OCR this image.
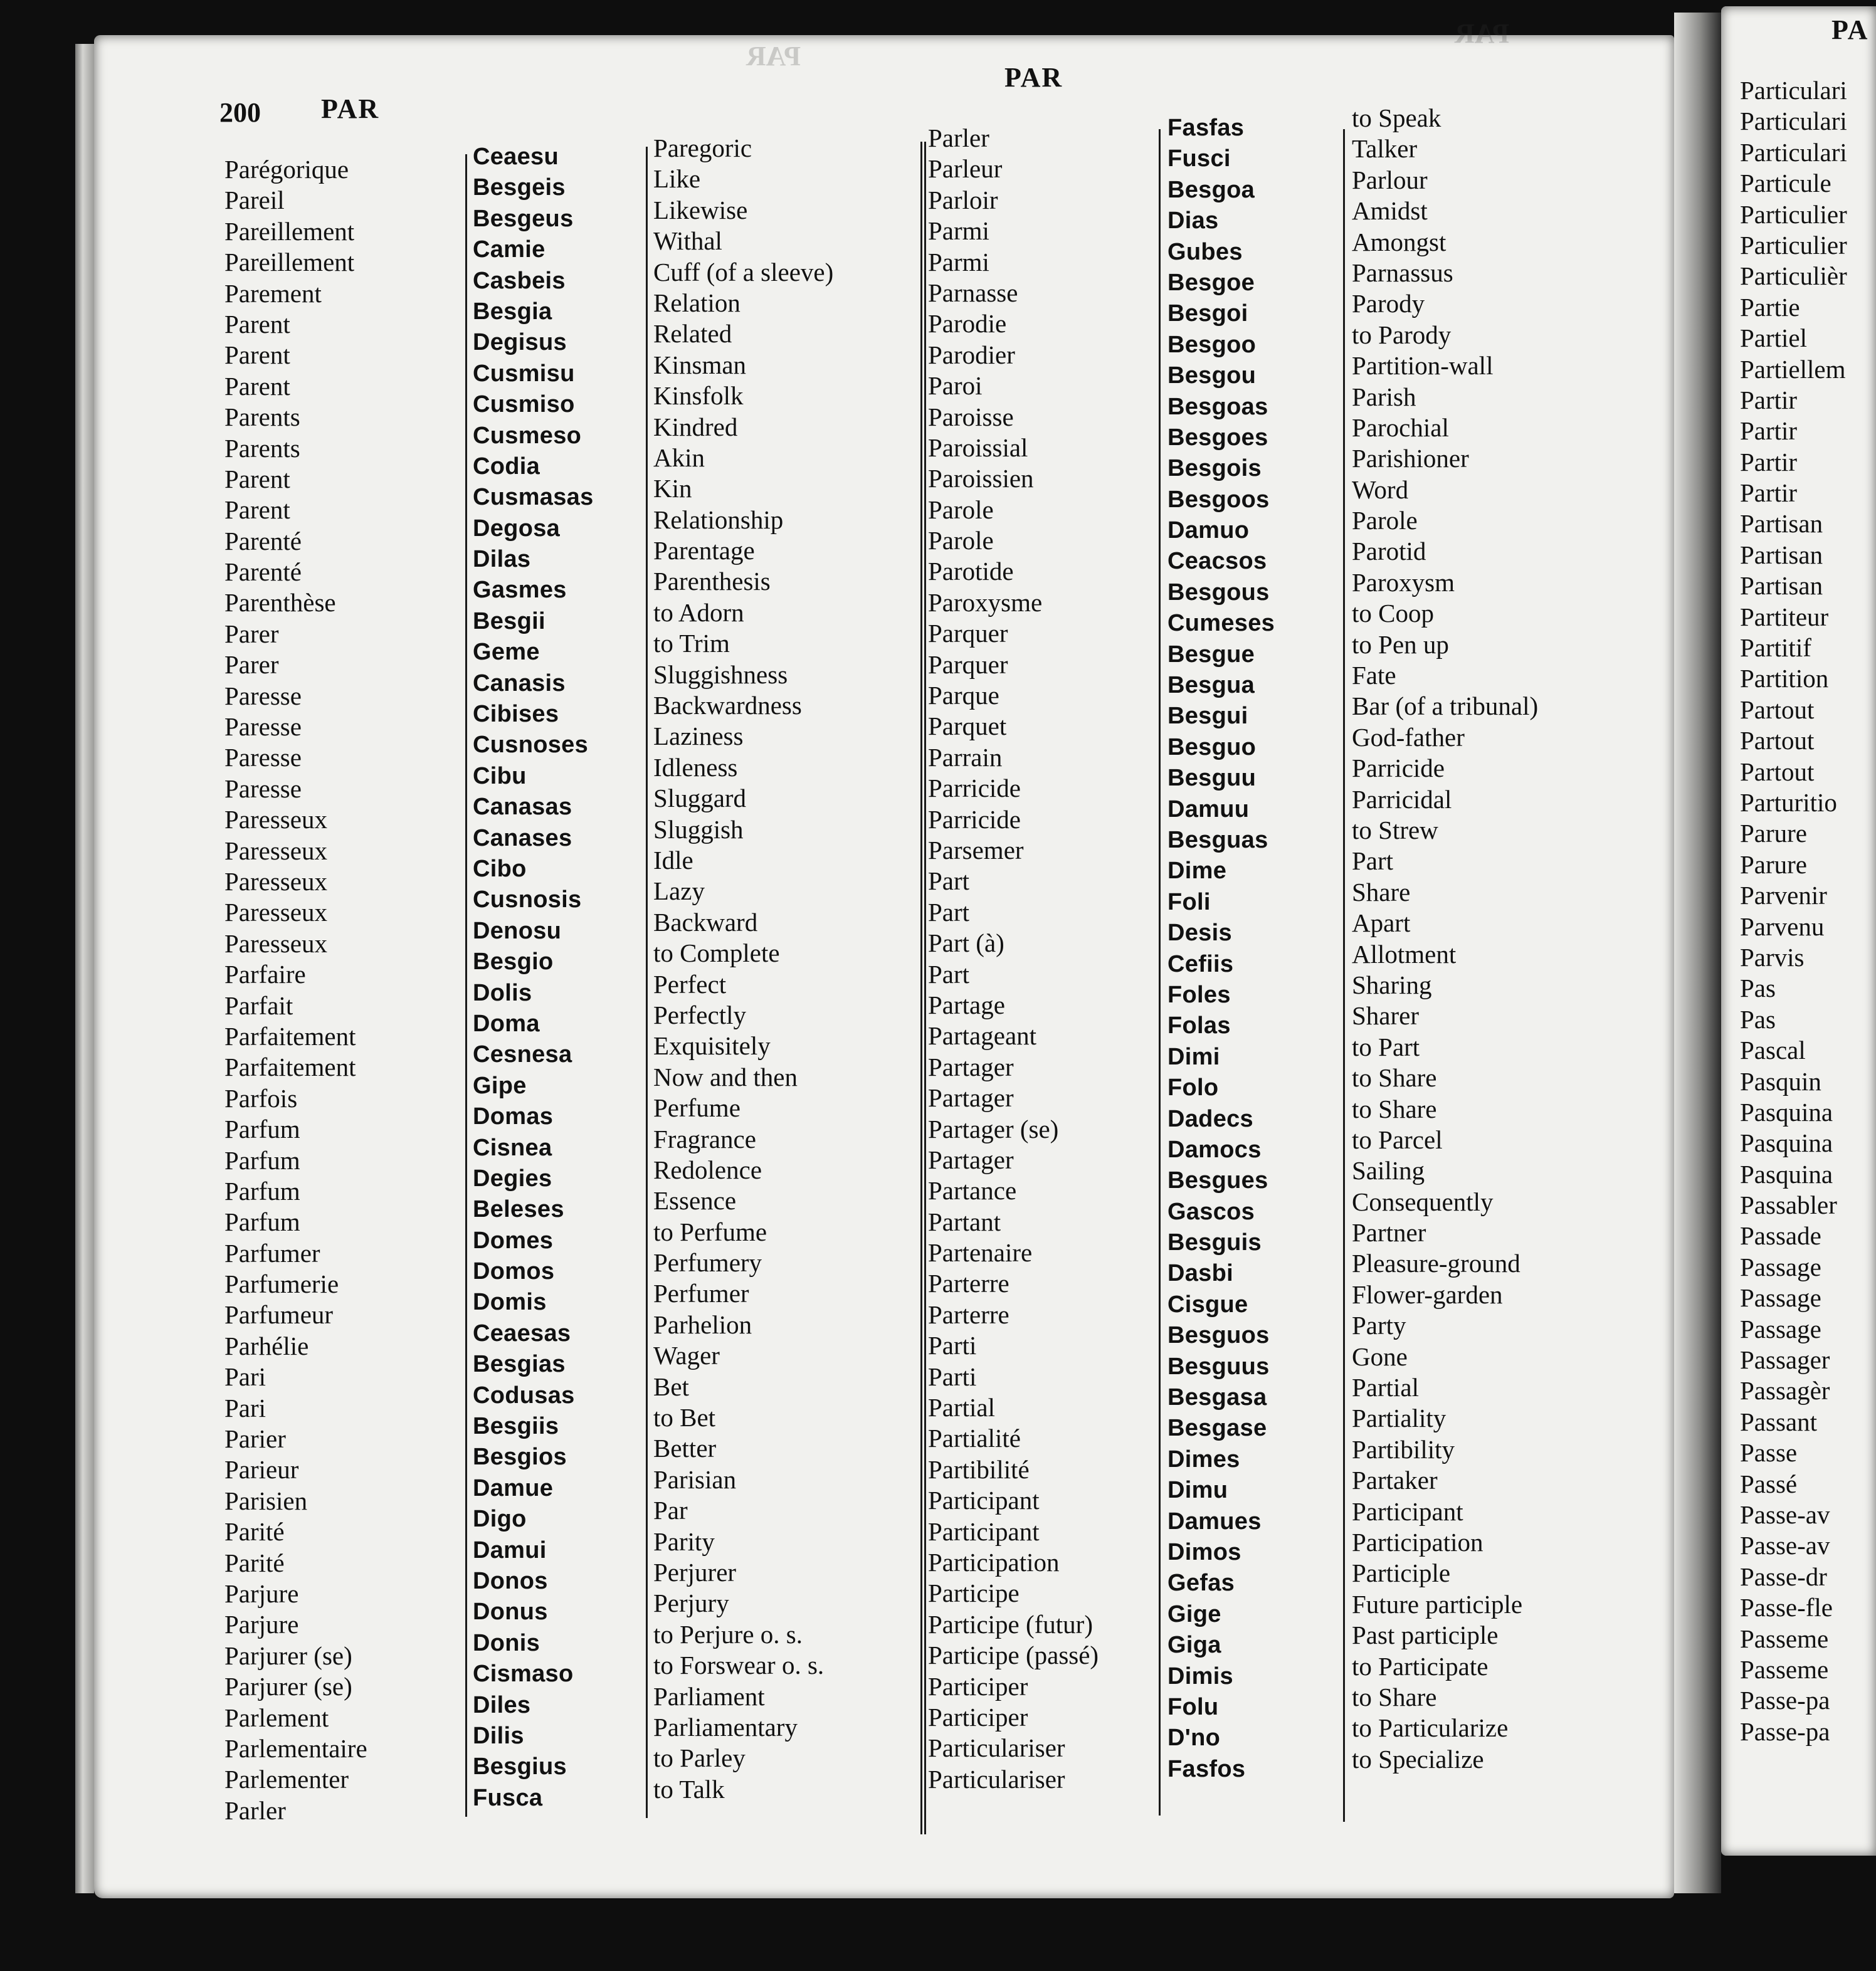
PAR
PAR

200 PAR

PAR

Parégorique
Pareil
Pareillement
Pareillement
Parement
Parent
Parent
Parent
Parents
Parents
Parent
Parent
Parenté
Parenté
Parenthèse
Parer
Parer
Paresse
Paresse
Paresse
Paresse
Paresseux
Paresseux
Paresseux
Paresseux
Paresseux
Parfaire
Parfait
Parfaitement
Parfaitement
Parfois
Parfum
Parfum
Parfum
Parfum
Parfumer
Parfumerie
Parfumeur
Parhélie
Pari
Pari
Parier
Parieur
Parisien
Parité
Parité
Parjure
Parjure
Parjurer (se)
Parjurer (se)
Parlement
Parlementaire
Parlementer
Parler
Ceaesu
Besgeis
Besgeus
Camie
Casbeis
Besgia
Degisus
Cusmisu
Cusmiso
Cusmeso
Codia
Cusmasas
Degosa
Dilas
Gasmes
Besgii
Geme
Canasis
Cibises
Cusnoses
Cibu
Canasas
Canases
Cibo
Cusnosis
Denosu
Besgio
Dolis
Doma
Cesnesa
Gipe
Domas
Cisnea
Degies
Beleses
Domes
Domos
Domis
Ceaesas
Besgias
Codusas
Besgiis
Besgios
Damue
Digo
Damui
Donos
Donus
Donis
Cismaso
Diles
Dilis
Besgius
Fusca
Paregoric
Like
Likewise
Withal
Cuff (of a sleeve)
Relation
Related
Kinsman
Kinsfolk
Kindred
Akin
Kin
Relationship
Parentage
Parenthesis
to Adorn
to Trim
Sluggishness
Backwardness
Laziness
Idleness
Sluggard
Sluggish
Idle
Lazy
Backward
to Complete
Perfect
Perfectly
Exquisitely
Now and then
Perfume
Fragrance
Redolence
Essence
to Perfume
Perfumery
Perfumer
Parhelion
Wager
Bet
to Bet
Better
Parisian
Par
Parity
Perjurer
Perjury
to Perjure o. s.
to Forswear o. s.
Parliament
Parliamentary
to Parley
to Talk
Parler
Parleur
Parloir
Parmi
Parmi
Parnasse
Parodie
Parodier
Paroi
Paroisse
Paroissial
Paroissien
Parole
Parole
Parotide
Paroxysme
Parquer
Parquer
Parque
Parquet
Parrain
Parricide
Parricide
Parsemer
Part
Part
Part (à)
Part
Partage
Partageant
Partager
Partager
Partager (se)
Partager
Partance
Partant
Partenaire
Parterre
Parterre
Parti
Parti
Partial
Partialité
Partibilité
Participant
Participant
Participation
Participe
Participe (futur)
Participe (passé)
Participer
Participer
Particulariser
Particulariser
Fasfas
Fusci
Besgoa
Dias
Gubes
Besgoe
Besgoi
Besgoo
Besgou
Besgoas
Besgoes
Besgois
Besgoos
Damuo
Ceacsos
Besgous
Cumeses
Besgue
Besgua
Besgui
Besguo
Besguu
Damuu
Besguas
Dime
Foli
Desis
Cefiis
Foles
Folas
Dimi
Folo
Dadecs
Damocs
Besgues
Gascos
Besguis
Dasbi
Cisgue
Besguos
Besguus
Besgasa
Besgase
Dimes
Dimu
Damues
Dimos
Gefas
Gige
Giga
Dimis
Folu
D'no
Fasfos
to Speak
Talker
Parlour
Amidst
Amongst
Parnassus
Parody
to Parody
Partition-wall
Parish
Parochial
Parishioner
Word
Parole
Parotid
Paroxysm
to Coop
to Pen up
Fate
Bar (of a tribunal)
God-father
Parricide
Parricidal
to Strew
Part
Share
Apart
Allotment
Sharing
Sharer
to Part
to Share
to Share
to Parcel
Sailing
Consequently
Partner
Pleasure-ground
Flower-garden
Party
Gone
Partial
Partiality
Partibility
Partaker
Participant
Participation
Participle
Future participle
Past participle
to Participate
to Share
to Particularize
to Specialize

PA

Particulari
Particulari
Particulari
Particule
Particulier
Particulier
Particulièr
Partie
Partiel
Partiellem
Partir
Partir
Partir
Partir
Partisan
Partisan
Partisan
Partiteur
Partitif
Partition
Partout
Partout
Partout
Parturitio
Parure
Parure
Parvenir
Parvenu
Parvis
Pas
Pas
Pascal
Pasquin
Pasquina
Pasquina
Pasquina
Passabler
Passade
Passage
Passage
Passage
Passager
Passagèr
Passant
Passe
Passé
Passe-av
Passe-av
Passe-dr
Passe-fle
Passeme
Passeme
Passe-pa
Passe-pa
